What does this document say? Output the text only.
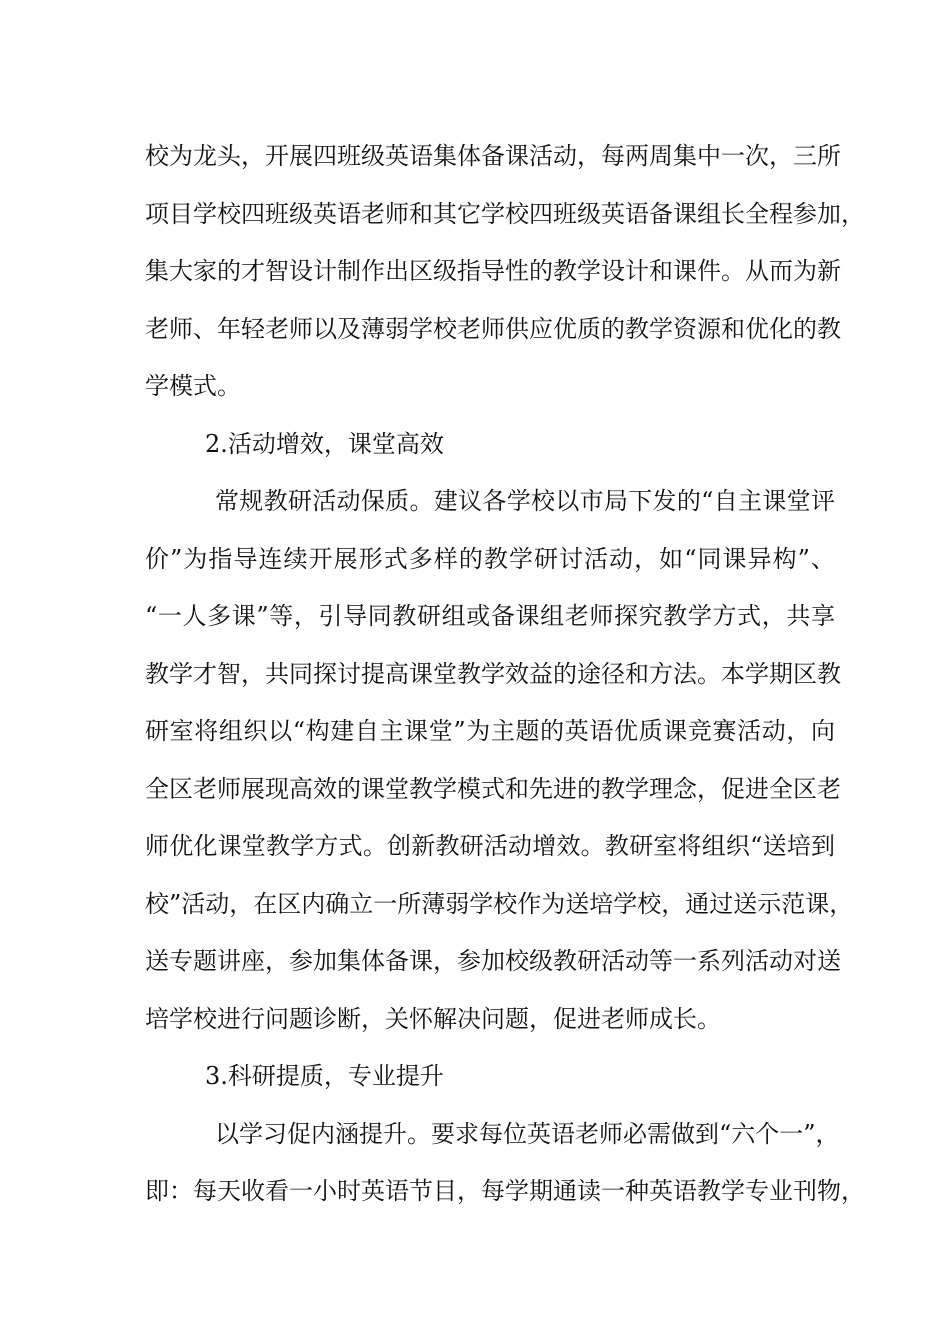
校为龙头，开展四班级英语集体备课活动，每两周集中一次，三所
项目学校四班级英语老师和其它学校四班级英语备课组长全程参加，
集大家的才智设计制作出区级指导性的教学设计和课件。从而为新
老师、年轻老师以及薄弱学校老师供应优质的教学资源和优化的教
学模式。
2.活动增效，课堂高效
常规教研活动保质。建议各学校以市局下发的“自主课堂评
价”为指导连续开展形式多样的教学研讨活动，如“同课异构”、
“一人多课”等，引导同教研组或备课组老师探究教学方式，共享
教学才智，共同探讨提高课堂教学效益的途径和方法。本学期区教
研室将组织以“构建自主课堂”为主题的英语优质课竞赛活动，向
全区老师展现高效的课堂教学模式和先进的教学理念，促进全区老
师优化课堂教学方式。创新教研活动增效。教研室将组织“送培到
校”活动，在区内确立一所薄弱学校作为送培学校，通过送示范课，
送专题讲座，参加集体备课，参加校级教研活动等一系列活动对送
培学校进行问题诊断，关怀解决问题，促进老师成长。
3.科研提质，专业提升
以学习促内涵提升。要求每位英语老师必需做到“六个一”，
即：每天收看一小时英语节目，每学期通读一种英语教学专业刊物，
